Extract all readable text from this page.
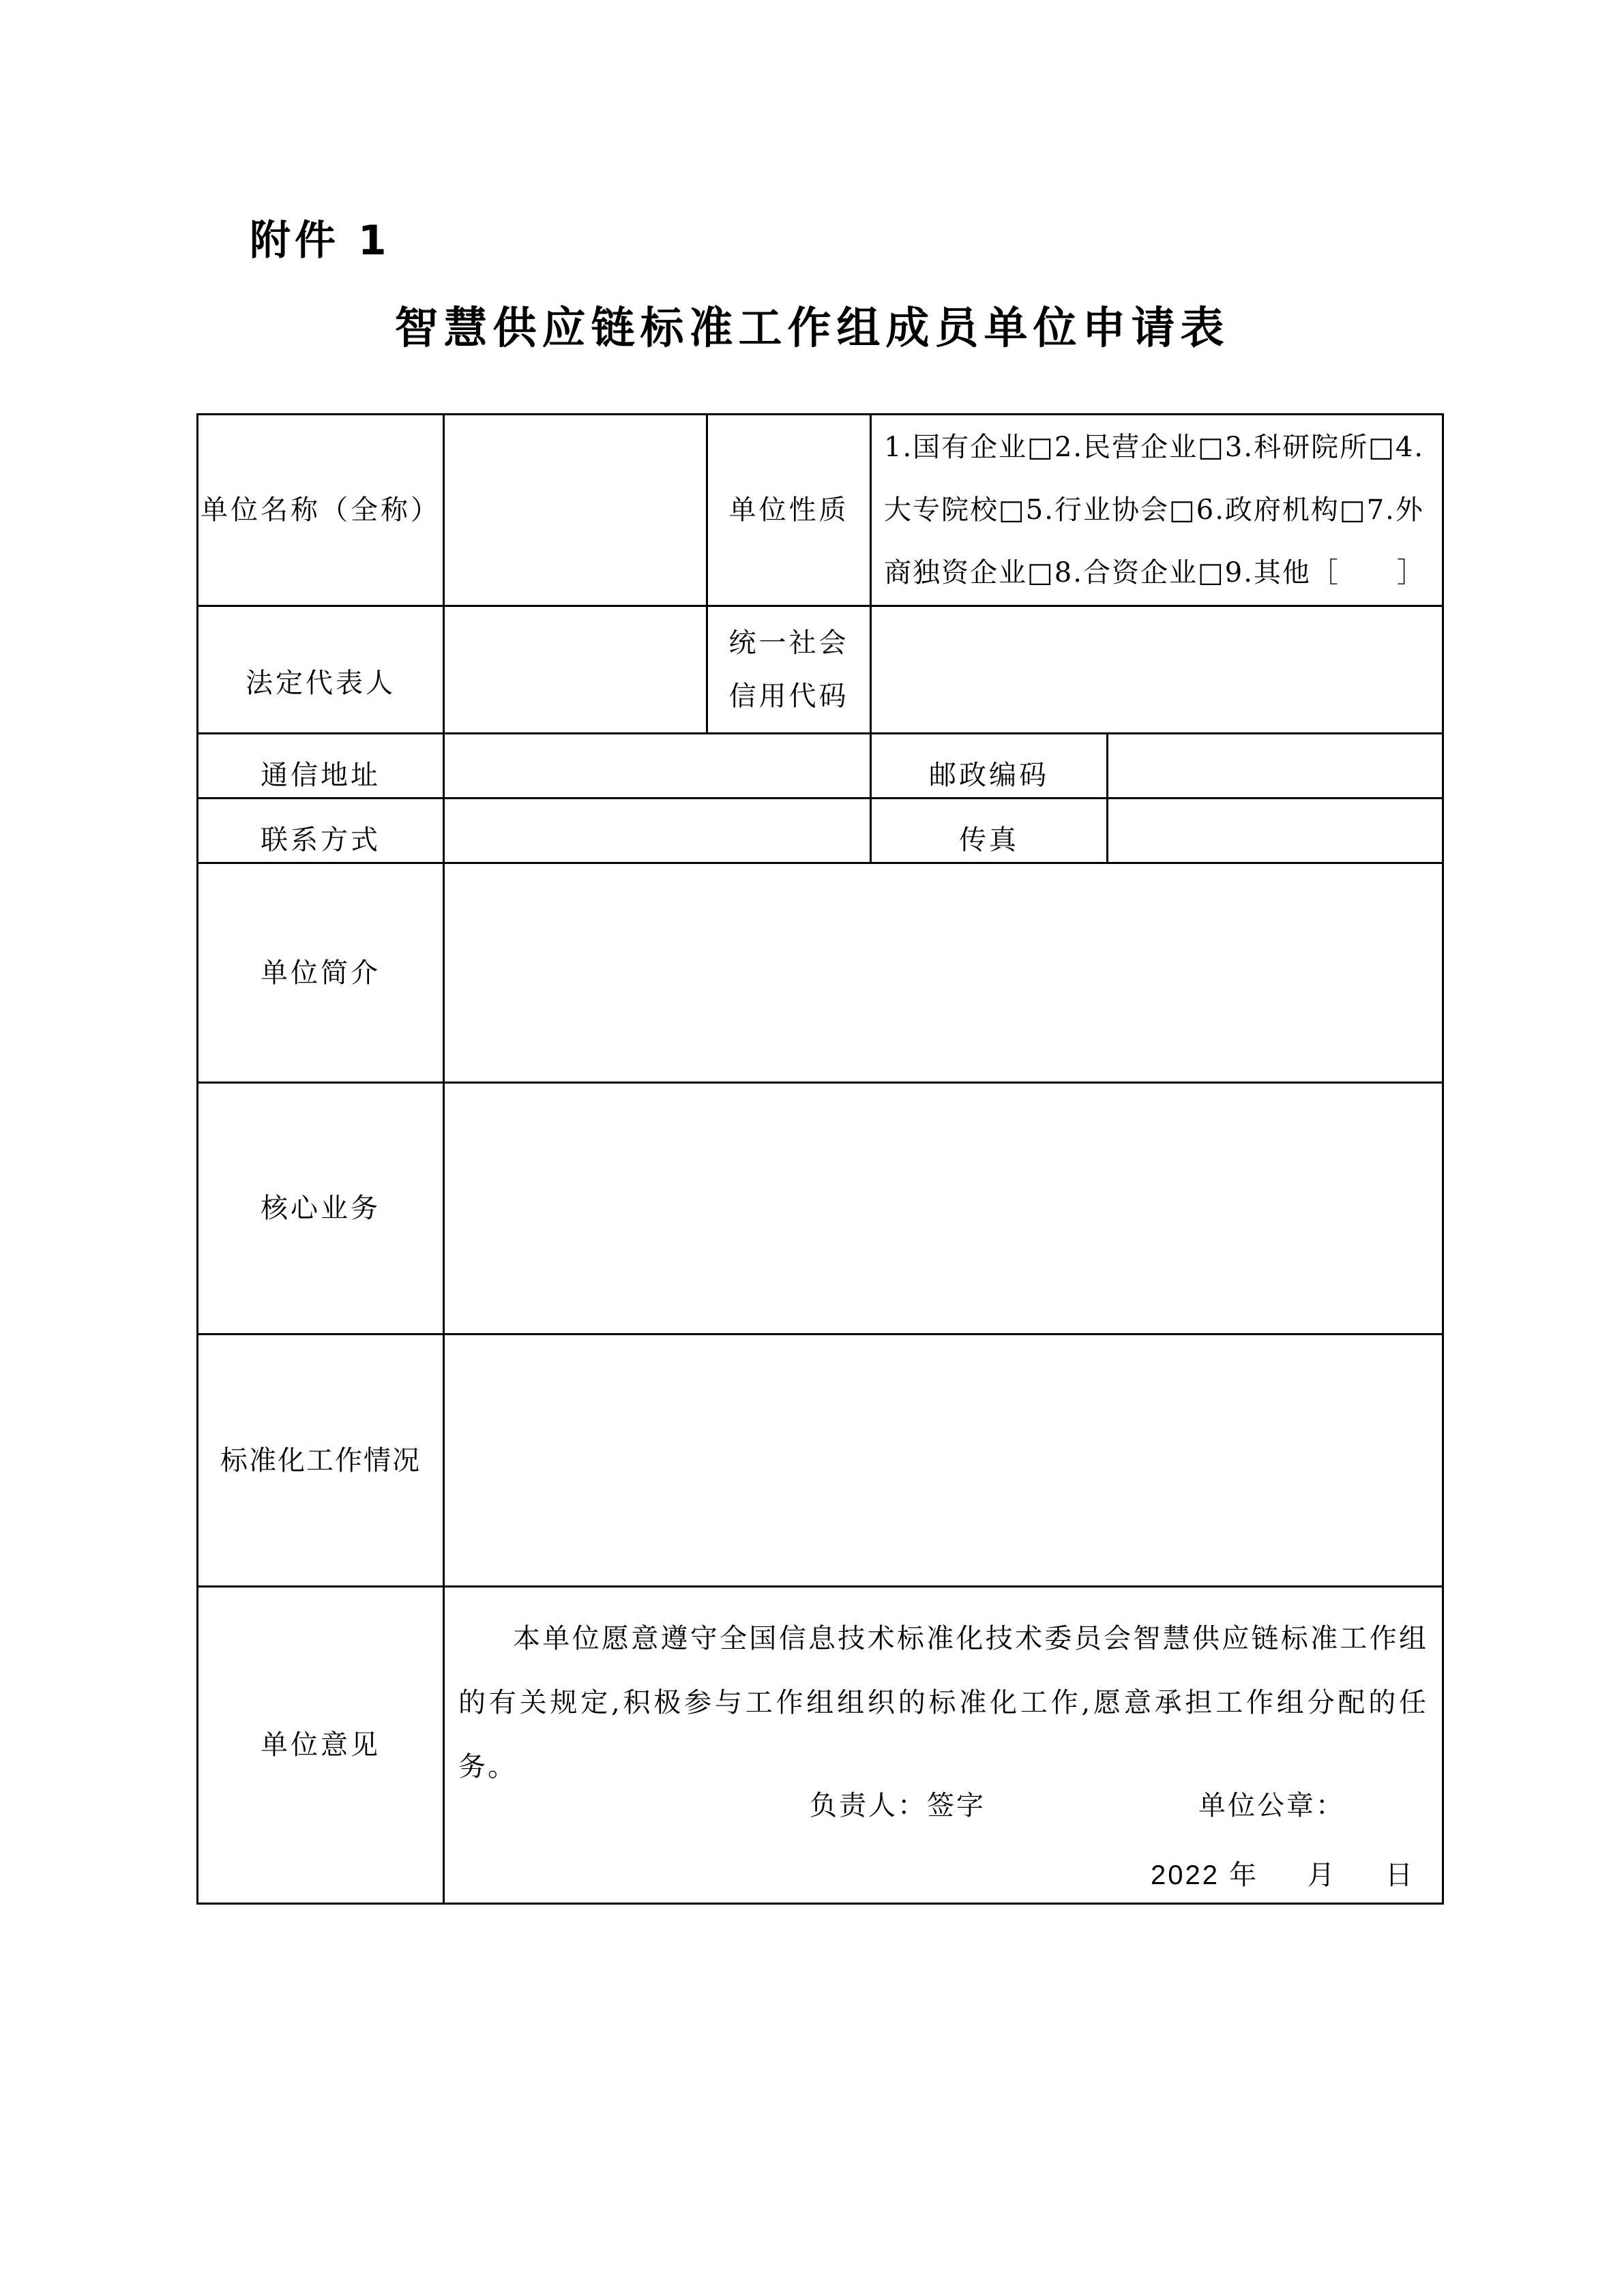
附件 1
智慧供应链标准工作组成员单位申请表
单位名称（全称）		单位性质	1.国有企业□2.民营企业□3.科研院所□4.
大专院校□5.行业协会□6.政府机构□7.外
商独资企业□8.合资企业□9.其他［　　］	

法定代表人		统一社会
信用代码		

通信地址			邮政编码	
联系方式			传真	
单位简介				
核心业务				
标准化工作情况				
单位意见	本单位愿意遵守全国信息技术标准化技术委员会智慧供应链标准工作组的有关规定,积极参与工作组组织的标准化工作,愿意承担工作组分配的任务。
负责人：签字 单位公章：
2022 年 月 日			
